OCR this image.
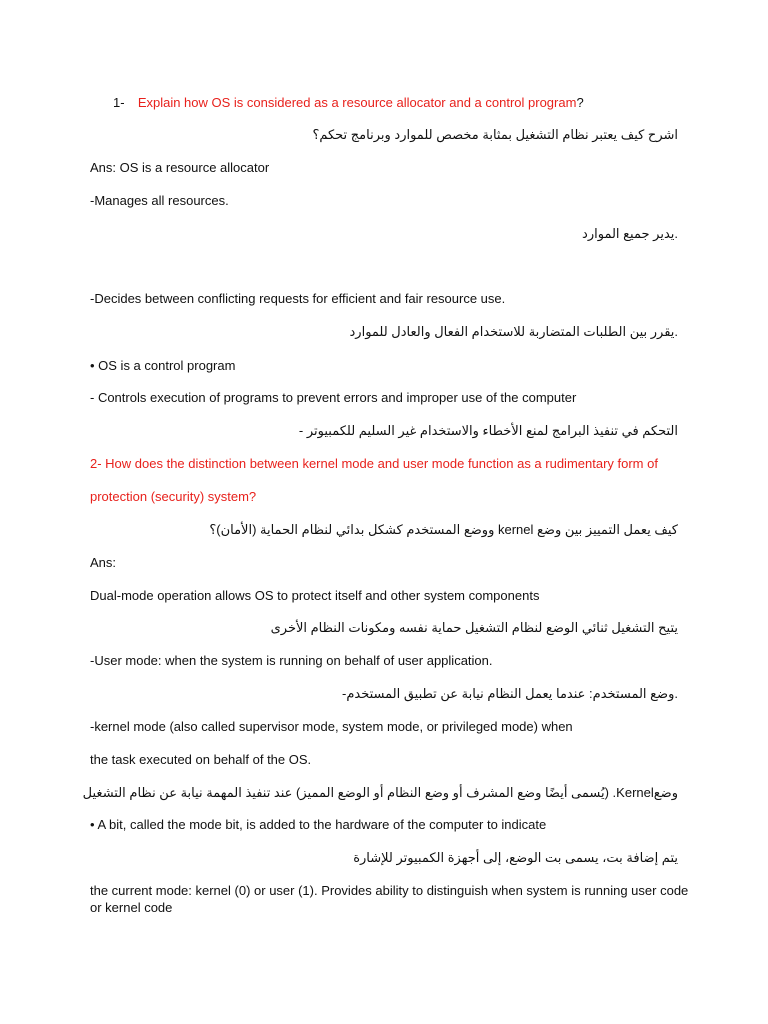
1- Explain how OS is considered as a resource allocator and a control program?
اشرح كيف يعتبر نظام التشغيل بمثابة مخصص للموارد وبرنامج تحكم؟
Ans: OS is a resource allocator
-Manages all resources.
.يدير جميع الموارد
-Decides between conflicting requests for efficient and fair resource use.
.يقرر بين الطلبات المتضاربة للاستخدام الفعال والعادل للموارد
• OS is a control program
- Controls execution of programs to prevent errors and improper use of the computer
التحكم في تنفيذ البرامج لمنع الأخطاء والاستخدام غير السليم للكمبيوتر -
2- How does the distinction between kernel mode and user mode function as a rudimentary form of
protection (security) system?
كيف يعمل التمييز بين وضع kernel ووضع المستخدم كشكل بدائي لنظام الحماية (الأمان)؟
Ans:
Dual-mode operation allows OS to protect itself and other system components
يتيح التشغيل ثنائي الوضع لنظام التشغيل حماية نفسه ومكونات النظام الأخرى
-User mode: when the system is running on behalf of user application.
.وضع المستخدم: عندما يعمل النظام نيابة عن تطبيق المستخدم-
-kernel mode (also called supervisor mode, system mode, or privileged mode) when
the task executed on behalf of the OS.
وضعKernel. (يُسمى أيضًا وضع المشرف أو وضع النظام أو الوضع المميز) عند تنفيذ المهمة نيابة عن نظام التشغيل
• A bit, called the mode bit, is added to the hardware of the computer to indicate
يتم إضافة بت، يسمى بت الوضع، إلى أجهزة الكمبيوتر للإشارة
the current mode: kernel (0) or user (1). Provides ability to distinguish when system is running user code or kernel code
